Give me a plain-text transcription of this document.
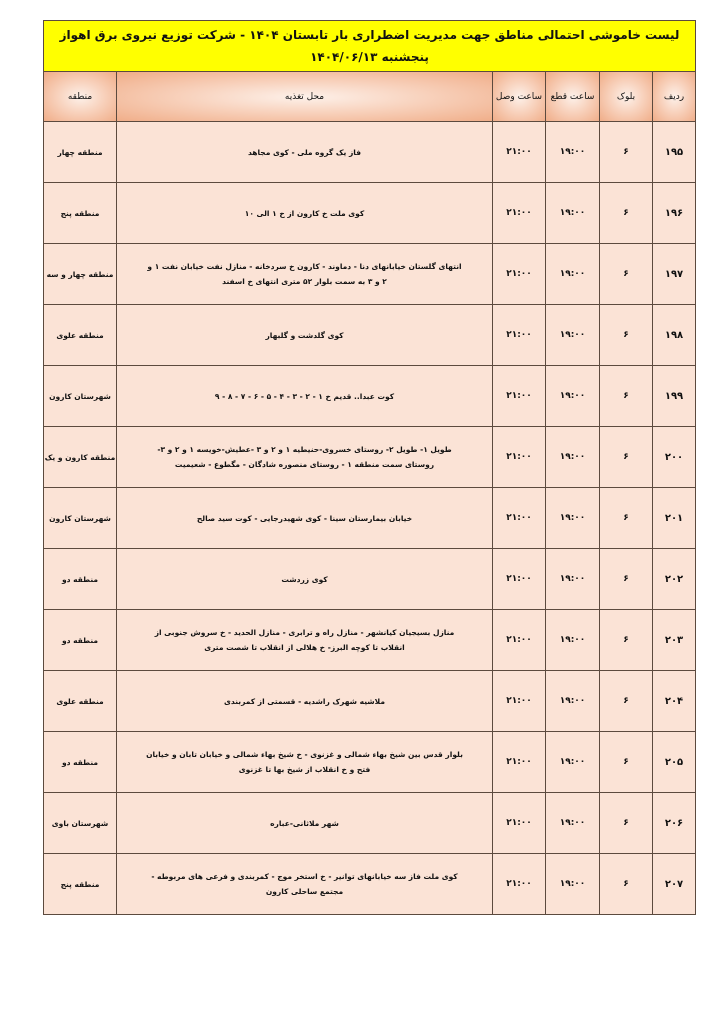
لیست خاموشی احتمالی مناطق جهت مدیریت اضطراری بار تابستان ۱۴۰۴ - شرکت توزیع نیروی برق اهواز
پنجشنبه ۱۴۰۴/۰۶/۱۳					

ردیف	بلوک	ساعت قطع	ساعت وصل	محل تغذیه	منطقه
۱۹۵	۶	۱۹:۰۰	۲۱:۰۰	فاز یک گروه ملی - کوی مجاهد	منطقه چهار
۱۹۶	۶	۱۹:۰۰	۲۱:۰۰	کوی ملت خ کارون از خ ۱ الی ۱۰	منطقه پنج
۱۹۷	۶	۱۹:۰۰	۲۱:۰۰	انتهای گلستان خیابانهای دنا - دماوند - کارون خ سردخانه - منازل نفت خیابان نفت ۱ و ۲ و ۳ به سمت بلوار ۵۲ متری انتهای خ اسفند	منطقه چهار و سه
۱۹۸	۶	۱۹:۰۰	۲۱:۰۰	کوی گلدشت و گلبهار	منطقه علوی
۱۹۹	۶	۱۹:۰۰	۲۱:۰۰	کوت عبدا.. قدیم خ ۱ - ۲ - ۳ - ۴ - ۵ - ۶ - ۷ - ۸ - ۹	شهرستان کارون
۲۰۰	۶	۱۹:۰۰	۲۱:۰۰	طویل ۱- طویل ۲- روستای خسروی-حنیطیه ۱ و ۲ و ۳ -عطیش-خویسه ۱ و ۲ و ۳- روستای سمت منطقه ۱ - روستای منصوره شادگان - مگطوع - شعیمیت	منطقه کارون و یک
۲۰۱	۶	۱۹:۰۰	۲۱:۰۰	خیابان بیمارستان سینا - کوی شهیدرجایی - کوت سید صالح	شهرستان کارون
۲۰۲	۶	۱۹:۰۰	۲۱:۰۰	کوی زردشت	منطقه دو
۲۰۳	۶	۱۹:۰۰	۲۱:۰۰	منازل بسیجیان کیانشهر - منازل راه و ترابری - منازل الحدید - خ سروش جنوبی از انقلاب تا کوچه البرز- خ هلالی از انقلاب تا شصت متری	منطقه دو
۲۰۴	۶	۱۹:۰۰	۲۱:۰۰	ملاشیه شهرک راشدیه - قسمتی از کمربندی	منطقه علوی
۲۰۵	۶	۱۹:۰۰	۲۱:۰۰	بلوار قدس بین شیخ بهاء شمالی و غزنوی - خ شیخ بهاء شمالی و خیابان تابان و خیابان فتح و خ انقلاب از شیخ بها تا غزنوی	منطقه دو
۲۰۶	۶	۱۹:۰۰	۲۱:۰۰	شهر ملاثانی-عباره	شهرستان باوی
۲۰۷	۶	۱۹:۰۰	۲۱:۰۰	کوی ملت فاز سه خیابانهای توانیر - خ استخر موج - کمربندی و فرعی های مربوطه - مجتمع ساحلی کارون	منطقه پنج
